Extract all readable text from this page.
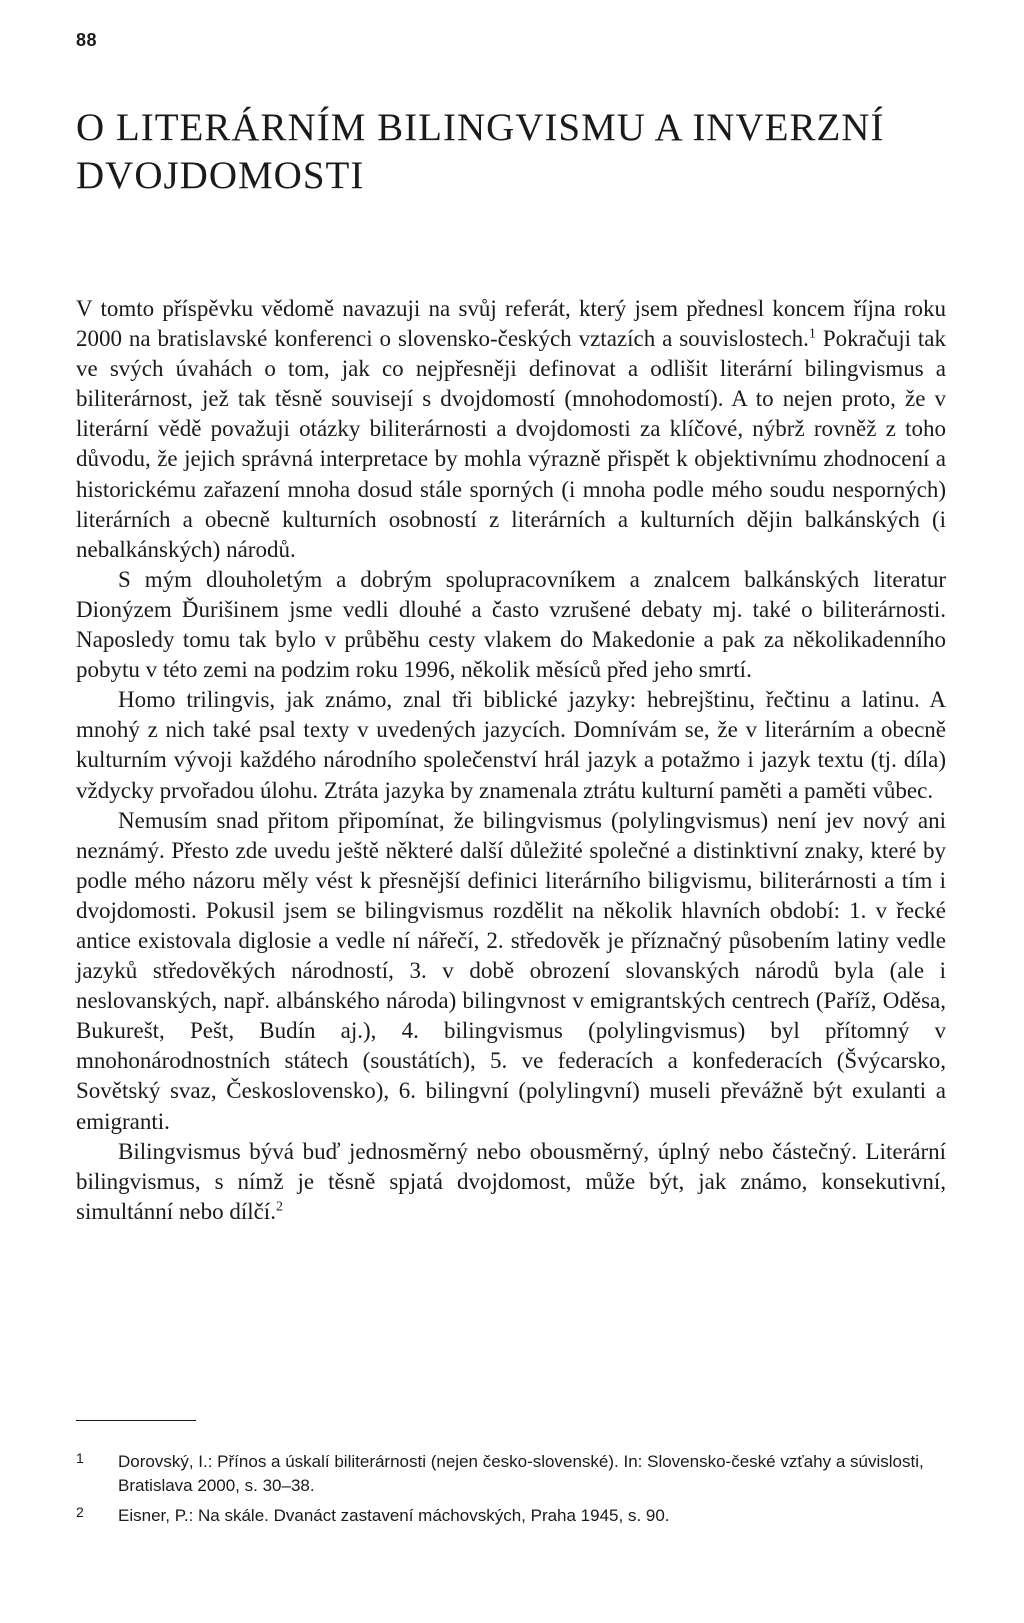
88
O LITERÁRNÍM BILINGVISMU A INVERZNÍ
DVOJDOMOSTI

V tomto příspěvku vědomě navazuji na svůj referát, který jsem přednesl koncem října roku 2000 na bratislavské konferenci o slovensko-českých vztazích a souvislostech.$^1$ Pokračuji tak ve svých úvahách o tom, jak co nejpřesněji definovat a odlišit literární bilingvismus a biliterárnost, jež tak těsně souvisejí s dvojdomostí (mnohodomostí). A to nejen proto, že v literární vědě považuji otázky biliterárnosti a dvojdomosti za klíčové, nýbrž rovněž z toho důvodu, že jejich správná interpretace by mohla výrazně přispět k objektivnímu zhodnocení a historickému zařazení mnoha dosud stále sporných (i mnoha podle mého soudu nesporných) literárních a obecně kulturních osobností z literárních a kulturních dějin balkánských (i nebalkánských) národů.

S mým dlouholetým a dobrým spolupracovníkem a znalcem balkánských literatur Dionýzem Ďurišinem jsme vedli dlouhé a často vzrušené debaty mj. také o biliterárnosti. Naposledy tomu tak bylo v průběhu cesty vlakem do Makedonie a pak za několikadenního pobytu v této zemi na podzim roku 1996, několik měsíců před jeho smrtí.

Homo trilingvis, jak známo, znal tři biblické jazyky: hebrejštinu, řečtinu a latinu. A mnohý z nich také psal texty v uvedených jazycích. Domnívám se, že v literárním a obecně kulturním vývoji každého národního společenství hrál jazyk a potažmo i jazyk textu (tj. díla) vždycky prvořadou úlohu. Ztráta jazyka by znamenala ztrátu kulturní paměti a paměti vůbec.

Nemusím snad přitom připomínat, že bilingvismus (polylingvismus) není jev nový ani neznámý. Přesto zde uvedu ještě některé další důležité společné a distinktivní znaky, které by podle mého názoru měly vést k přesnější definici literárního biligvismu, biliterárnosti a tím i dvojdomosti. Pokusil jsem se bilingvismus rozdělit na několik hlavních období: 1. v řecké antice existovala diglosie a vedle ní nářečí, 2. středověk je příznačný působením latiny vedle jazyků středověkých národností, 3. v době obrození slovanských národů byla (ale i neslovanských, např. albánského národa) bilingvnost v emigrantských centrech (Paříž, Oděsa, Bukurešt, Pešt, Budín aj.), 4. bilingvismus (polylingvismus) byl přítomný v mnohonárodnostních státech (soustátích), 5. ve federacích a konfederacích (Švýcarsko, Sovětský svaz, Československo), 6. bilingvní (polylingvní) museli převážně být exulanti a emigranti.

Bilingvismus bývá buď jednosměrný nebo obousměrný, úplný nebo částečný. Literární bilingvismus, s nímž je těsně spjatá dvojdomost, může být, jak známo, konsekutivní, simultánní nebo dílčí.$^2$

1 Dorovský, I.: Přínos a úskalí biliterárnosti (nejen česko-slovenské). In: Slovensko-české vzťahy a súvislosti, Bratislava 2000, s. 30–38.
2 Eisner, P.: Na skále. Dvanáct zastavení máchovských, Praha 1945, s. 90.
